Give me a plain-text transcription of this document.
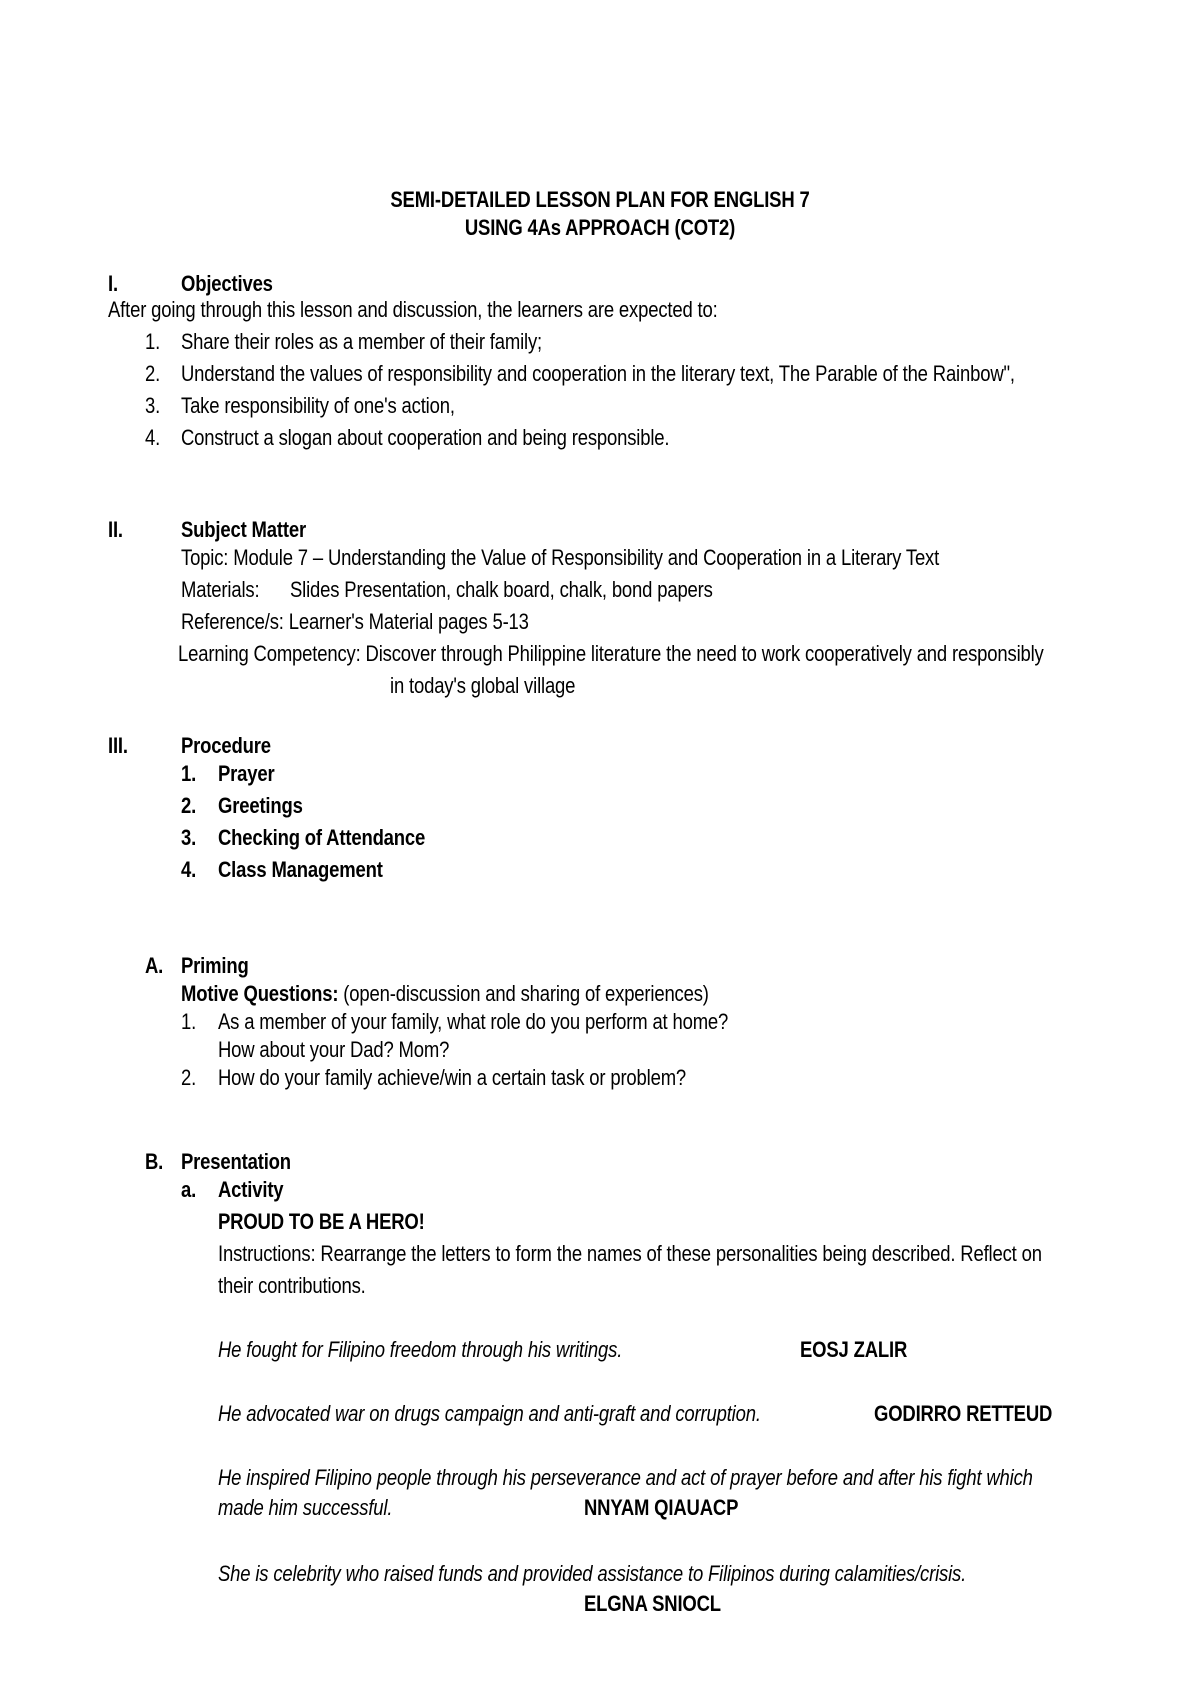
SEMI-DETAILED LESSON PLAN FOR ENGLISH 7
USING 4As APPROACH (COT2)
I.	Objectives
After going through this lesson and discussion, the learners are expected to:
1. Share their roles as a member of their family;
2. Understand the values of responsibility and cooperation in the literary text, The Parable of the Rainbow",
3. Take responsibility of one's action,
4. Construct a slogan about cooperation and being responsible.
II.	Subject Matter
Topic: Module 7 – Understanding the Value of Responsibility and Cooperation in a Literary Text
Materials: Slides Presentation, chalk board, chalk, bond papers
Reference/s: Learner's Material pages 5-13
Learning Competency: Discover through Philippine literature the need to work cooperatively and responsibly
in today's global village
III. Procedure
1. Prayer
2. Greetings
3. Checking of Attendance
4. Class Management
A. Priming
Motive Questions: (open-discussion and sharing of experiences)
1. As a member of your family, what role do you perform at home?
How about your Dad? Mom?
2. How do your family achieve/win a certain task or problem?
B. Presentation
a. Activity
PROUD TO BE A HERO!
Instructions: Rearrange the letters to form the names of these personalities being described. Reflect on
their contributions.
He fought for Filipino freedom through his writings.	EOSJ ZALIR
He advocated war on drugs campaign and anti-graft and corruption.	GODIRRO RETTEUD
He inspired Filipino people through his perseverance and act of prayer before and after his fight which
made him successful.	NNYAM QIAUACP
She is celebrity who raised funds and provided assistance to Filipinos during calamities/crisis.
ELGNA SNIOCL
